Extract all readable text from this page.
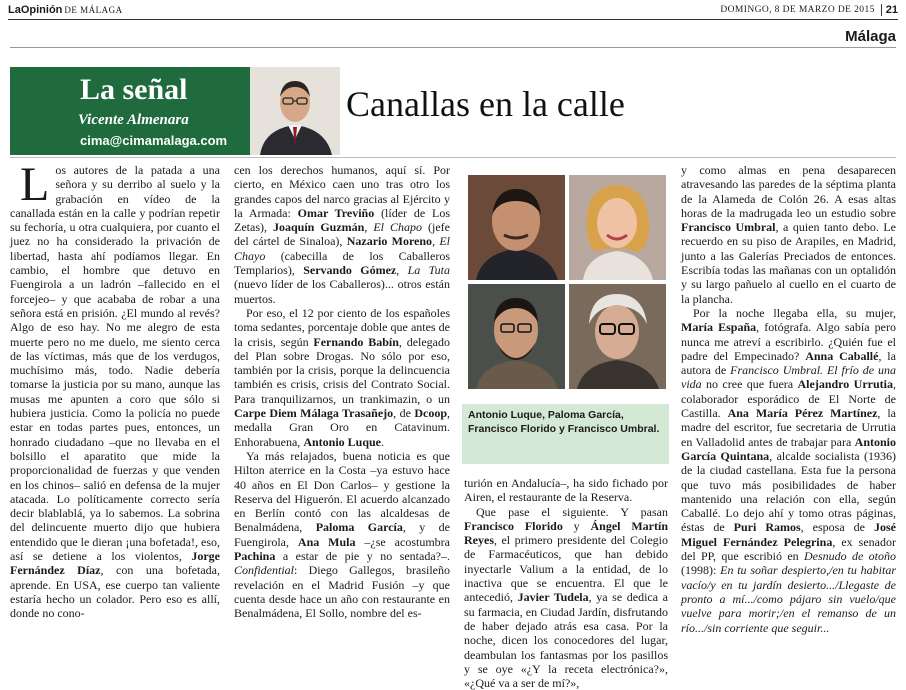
LaOpinión DE MÁLAGA	DOMINGO, 8 DE MARZO DE 2015	21
Málaga
La señal
Vicente Almenara
cima@cimamalaga.com
Canallas en la calle

Los autores de la patada a una señora y su derribo al suelo y la grabación en vídeo de la canallada están en la calle y podrían repetir su fechoría, u otra cualquiera, por cuanto el juez no ha considerado la privación de libertad, hasta ahí podíamos llegar. En cambio, el hombre que detuvo en Fuengirola a un ladrón –fallecido en el forcejeo– y que acababa de robar a una señora está en prisión. ¿El mundo al revés? Algo de eso hay. No me alegro de esta muerte pero no me duelo, me siento cerca de las víctimas, más que de los verdugos, muchísimo más, todo. Nadie debería tomarse la justicia por su mano, aunque las musas me apunten a coro que sólo si hubiera justicia. Como la policía no puede estar en todas partes pues, entonces, un honrado ciudadano –que no llevaba en el bolsillo el aparatito que mide la proporcionalidad de fuerzas y que venden en los chinos– salió en defensa de la mujer atacada. Lo políticamente correcto sería decir blablablá, ya lo sabemos. La sobrina del delincuente muerto dijo que hubiera entendido que le dieran ¡una bofetada!, eso, así se detiene a los violentos, Jorge Fernández Díaz, con una bofetada, aprende. En USA, ese cuerpo tan valiente estaría hecho un colador. Pero eso es allí, donde no cono-

cen los derechos humanos, aquí sí. Por cierto, en México caen uno tras otro los grandes capos del narco gracias al Ejército y la Armada: Omar Treviño (líder de Los Zetas), Joaquín Guzmán, El Chapo (jefe del cártel de Sinaloa), Nazario Moreno, El Chayo (cabecilla de los Caballeros Templarios), Servando Gómez, La Tuta (nuevo líder de los Caballeros)... otros están muertos.

Por eso, el 12 por ciento de los españoles toma sedantes, porcentaje doble que antes de la crisis, según Fernando Babín, delegado del Plan sobre Drogas. No sólo por eso, también por la crisis, porque la delincuencia también es crisis, crisis del Contrato Social. Para tranquilizarnos, un trankimazin, o un Carpe Diem Málaga Trasañejo, de Dcoop, medalla Gran Oro en Catavinum. Enhorabuena, Antonio Luque.

Ya más relajados, buena noticia es que Hilton aterrice en la Costa –ya estuvo hace 40 años en El Don Carlos– y gestione la Reserva del Higuerón. El acuerdo alcanzado en Berlín contó con las alcaldesas de Benalmádena, Paloma García, y de Fuengirola, Ana Mula –¿se acostumbra Pachina a estar de pie y no sentada?–. Confidential: Diego Gallegos, brasileño revelación en el Madrid Fusión –y que cuenta desde hace un año con restaurante en Benalmádena, El Sollo, nombre del es-

Antonio Luque, Paloma García, Francisco Florido y Francisco Umbral.

turión en Andalucía–, ha sido fichado por Airen, el restaurante de la Reserva.

Que pase el siguiente. Y pasan Francisco Florido y Ángel Martín Reyes, el primero presidente del Colegio de Farmacéuticos, que han debido inyectarle Valium a la entidad, de lo inactiva que se encuentra. El que le antecedió, Javier Tudela, ya se dedica a su farmacia, en Ciudad Jardín, disfrutando de haber dejado atrás esa casa. Por la noche, dicen los conocedores del lugar, deambulan los fantasmas por los pasillos y se oye «¿Y la receta electrónica?», «¿Qué va a ser de mí?»,

y como almas en pena desaparecen atravesando las paredes de la séptima planta de la Alameda de Colón 26. A esas altas horas de la madrugada leo un estudio sobre Francisco Umbral, a quien tanto debo. Le recuerdo en su piso de Arapiles, en Madrid, junto a las Galerías Preciados de entonces. Escribía todas las mañanas con un optalidón y su largo pañuelo al cuello en el cuarto de la plancha.

Por la noche llegaba ella, su mujer, María España, fotógrafa. Algo sabía pero nunca me atreví a escribirlo. ¿Quién fue el padre del Empecinado? Anna Caballé, la autora de Francisco Umbral. El frío de una vida no cree que fuera Alejandro Urrutia, colaborador esporádico de El Norte de Castilla. Ana María Pérez Martínez, la madre del escritor, fue secretaria de Urrutia en Valladolid antes de trabajar para Antonio García Quintana, alcalde socialista (1936) de la ciudad castellana. Esta fue la persona que tuvo más posibilidades de haber mantenido una relación con ella, según Caballé. Lo dejo ahí y tomo otras páginas, éstas de Puri Ramos, esposa de José Miguel Fernández Pelegrina, ex senador del PP, que escribió en Desnudo de otoño (1998): En tu soñar despierto,/en tu habitar vacío/y en tu jardín desierto.../Llegaste de pronto a mí.../como pájaro sin vuelo/que vuelve para morir;/en el remanso de un río.../sin corriente que seguir...
